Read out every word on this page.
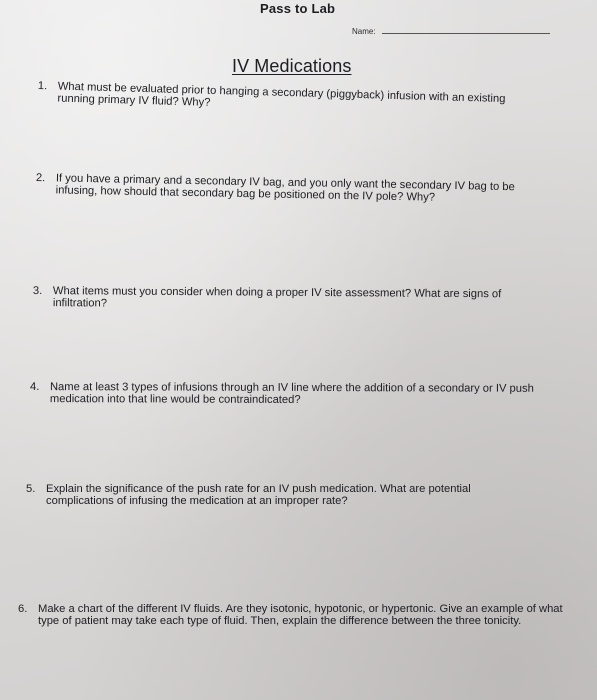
Pass to Lab
Name:
IV Medications
1. What must be evaluated prior to hanging a secondary (piggyback) infusion with an existing running primary IV fluid? Why?
2. If you have a primary and a secondary IV bag, and you only want the secondary IV bag to be infusing, how should that secondary bag be positioned on the IV pole? Why?
3. What items must you consider when doing a proper IV site assessment? What are signs of infiltration?
4. Name at least 3 types of infusions through an IV line where the addition of a secondary or IV push medication into that line would be contraindicated?
5. Explain the significance of the push rate for an IV push medication. What are potential complications of infusing the medication at an improper rate?
6. Make a chart of the different IV fluids. Are they isotonic, hypotonic, or hypertonic. Give an example of what type of patient may take each type of fluid. Then, explain the difference between the three tonicity.
